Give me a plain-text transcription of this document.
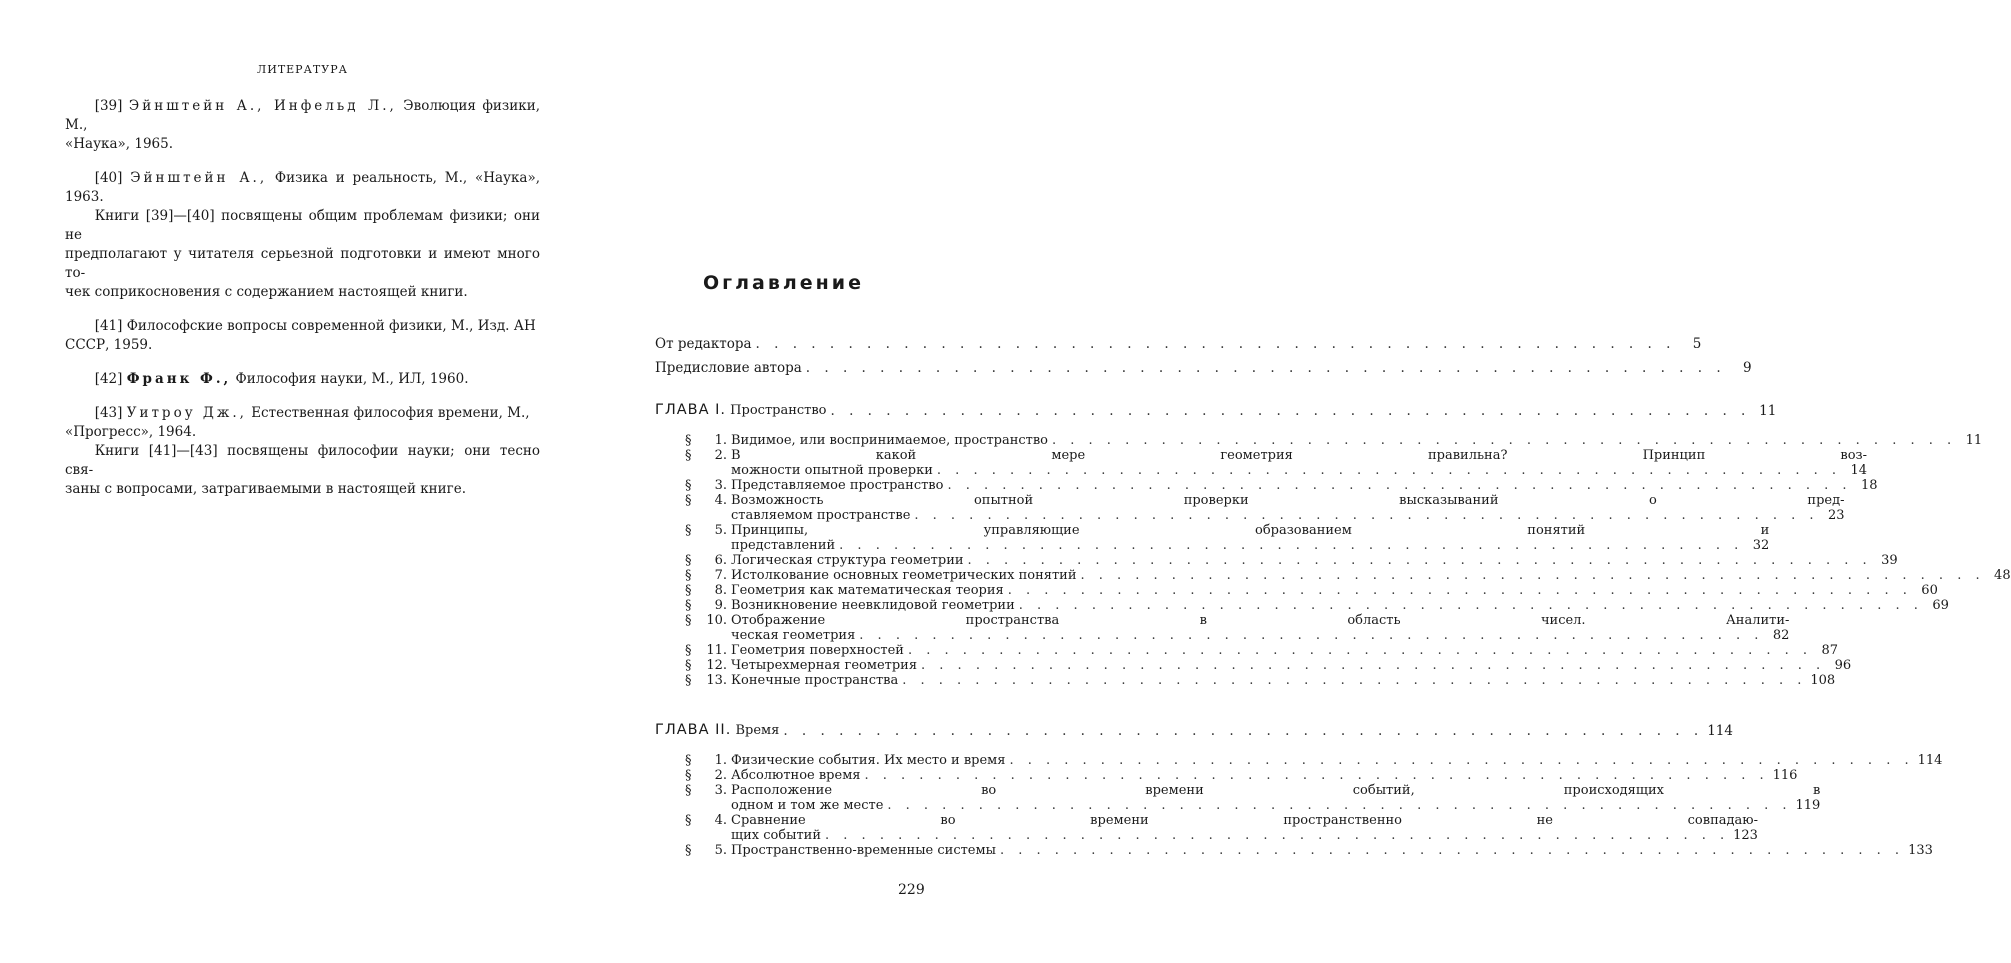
ЛИТЕРАТУРА

[39] Эйнштейн А., Инфельд Л., Эволюция физики, М.,

«Наука», 1965.

[40] Эйнштейн А., Физика и реальность, М., «Наука», 1963.

Книги [39]—[40] посвящены общим проблемам физики; они не

предполагают у читателя серьезной подготовки и имеют много то-

чек соприкосновения с содержанием настоящей книги.

[41] Философские вопросы современной физики, М., Изд. АН

СССР, 1959.

[42] Франк Ф., Философия науки, М., ИЛ, 1960.

[43] Уитроу Дж., Естественная философия времени, М.,

«Прогресс», 1964.

Книги [41]—[43] посвящены философии науки; они тесно свя-

заны с вопросами, затрагиваемыми в настоящей книге.

Оглавление
От редактора
. . .	5
Предисловие автора
. . .	9
ГЛАВА I. Пространство
. . .	11
§	1. Видимое, или воспринимаемое, пространство
. . .	11
§	2. В какой мере геометрия правильна? Принцип воз-
можности опытной проверки
. . .	14
§	3. Представляемое пространство
. . .	18
§	4. Возможность опытной проверки высказываний о пред-
ставляемом пространстве
. . .	23
§	5. Принципы, управляющие образованием понятий и
представлений
. . .	32
§	6. Логическая структура геометрии
. . .	39
§	7. Истолкование основных геометрических понятий
. . .	48
§	8. Геометрия как математическая теория
. . .	60
§	9. Возникновение неевклидовой геометрии
. . .	69
§	10. Отображение пространства в область чисел. Аналити-
ческая геометрия
. . .	82
§	11. Геометрия поверхностей
. . .	87
§	12. Четырехмерная геометрия
. . .	96
§	13. Конечные пространства
. . .	108
ГЛАВА II. Время
. . .	114
§	1. Физические события. Их место и время
. . .	114
§	2. Абсолютное время
. . .	116
§	3. Расположение во времени событий, происходящих в
одном и том же месте
. . .	119
§	4. Сравнение во времени пространственно не совпадаю-
щих событий
. . .	123
§	5. Пространственно-временные системы
. . .	133
229
